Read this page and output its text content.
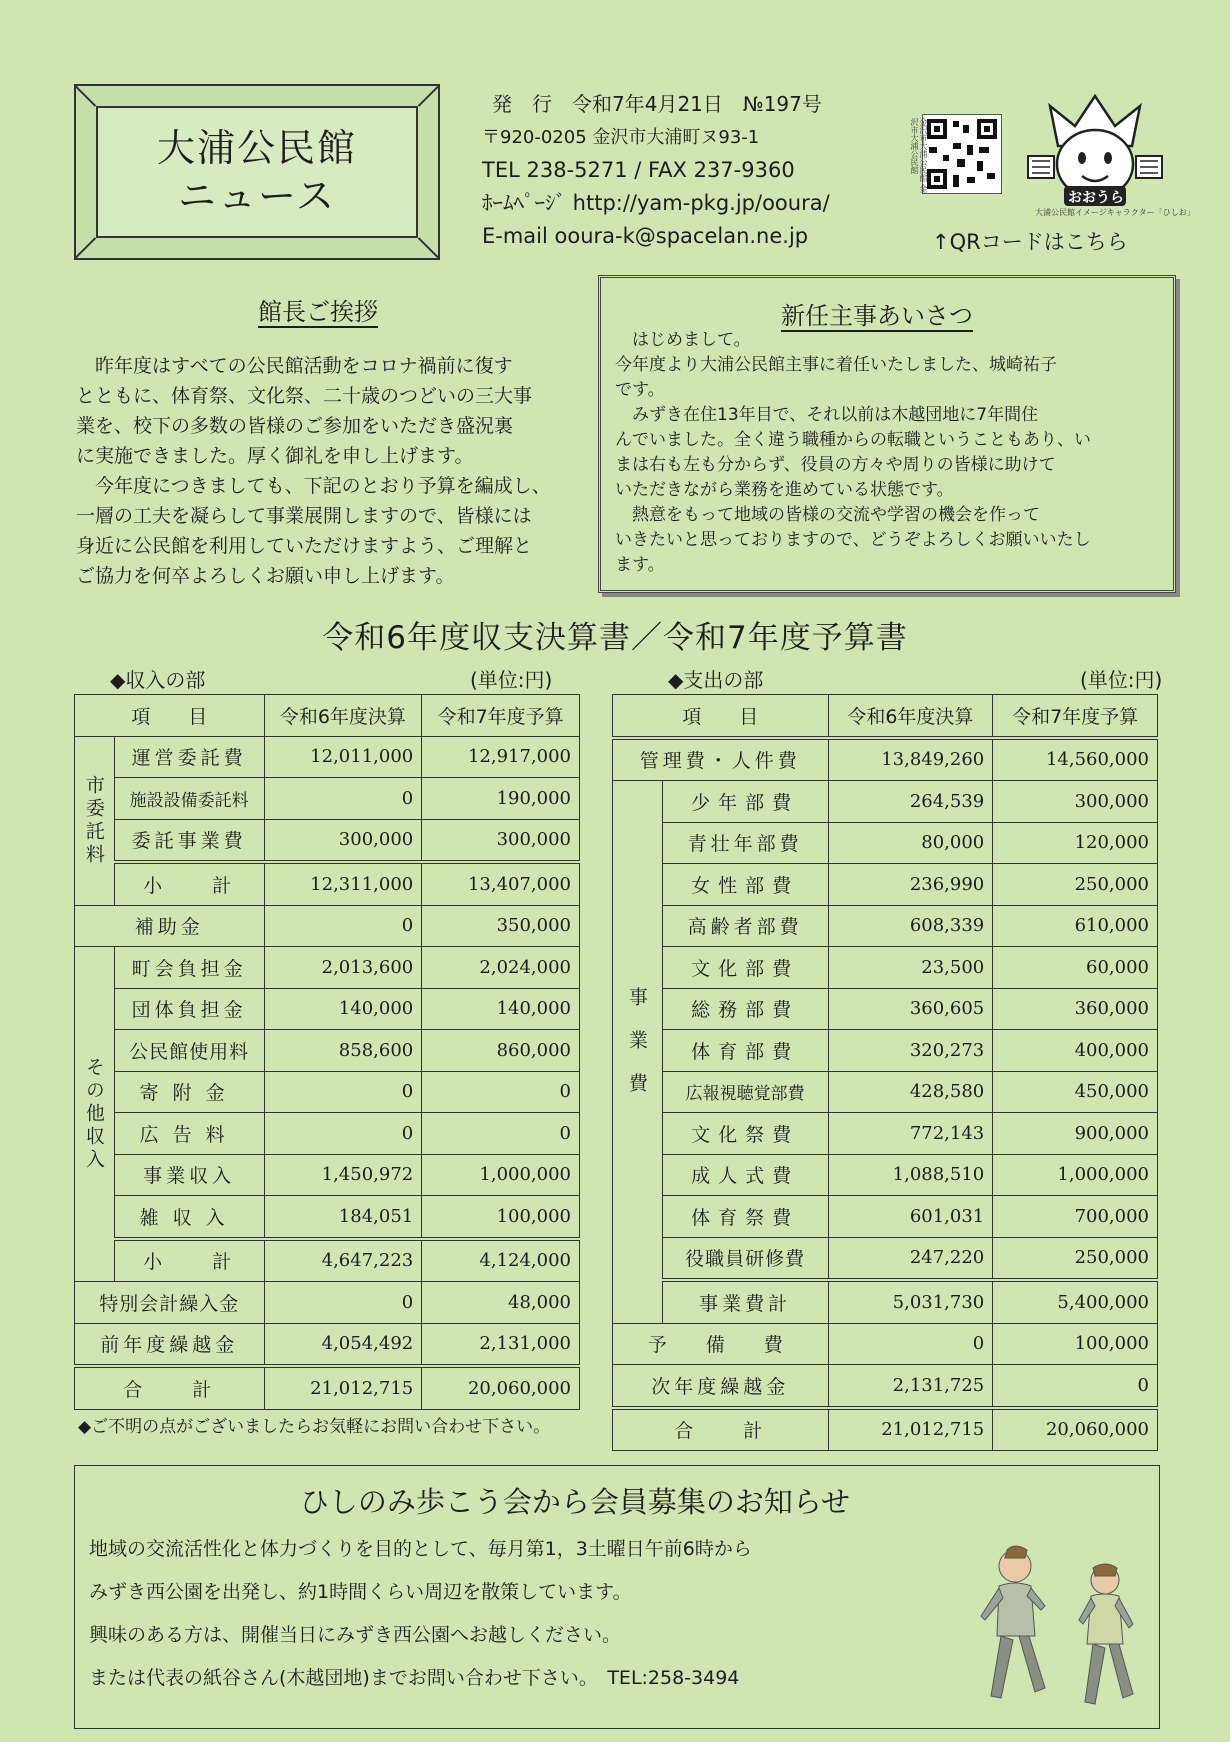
大浦公民館
ニュース
発　行　令和7年4月21日　№197号
〒920-0205 金沢市大浦町ヌ93-1
TEL 238-5271 / FAX 237-9360
ﾎｰﾑﾍﾟｰｼﾞ http://yam-pkg.jp/ooura/
E-mail ooura-k@spacelan.ne.jp
金沢市大浦公民館 金沢市大浦公民館
↑QRコードはこちら
おおうら
大浦公民館イメージキャラクター「ひしお」
館長ご挨拶
　昨年度はすべての公民館活動をコロナ禍前に復す
とともに、体育祭、文化祭、二十歳のつどいの三大事
業を、校下の多数の皆様のご参加をいただき盛況裏
に実施できました。厚く御礼を申し上げます。
　今年度につきましても、下記のとおり予算を編成し、
一層の工夫を凝らして事業展開しますので、皆様には
身近に公民館を利用していただけますよう、ご理解と
ご協力を何卒よろしくお願い申し上げます。
新任主事あいさつ
　はじめまして。
今年度より大浦公民館主事に着任いたしました、城崎祐子
です。
　みずき在住13年目で、それ以前は木越団地に7年間住
んでいました。全く違う職種からの転職ということもあり、い
まは右も左も分からず、役員の方々や周りの皆様に助けて
いただきながら業務を進めている状態です。
　熱意をもって地域の皆様の交流や学習の機会を作って
いきたいと思っておりますので、どうぞよろしくお願いいたし
ます。
令和6年度収支決算書／令和7年度予算書
◆収入の部	(単位:円)	◆支出の部	(単位:円)
項　　目		令和6年度決算	令和7年度予算
市委託料	運営委託費	12,011,000	12,917,000
	施設設備委託料	0	190,000
	委託事業費	300,000	300,000
	小　　計	12,311,000	13,407,000
補助金		0	350,000
その他収入	町会負担金	2,013,600	2,024,000
	団体負担金	140,000	140,000
	公民館使用料	858,600	860,000
	寄附金	0	0
	広告料	0	0
	事業収入	1,450,972	1,000,000
	雑収入	184,051	100,000
	小　　計	4,647,223	4,124,000
特別会計繰入金		0	48,000
前年度繰越金		4,054,492	2,131,000
合　　計		21,012,715	20,060,000
◆ご不明の点がございましたらお気軽にお問い合わせ下さい。
項　　目		令和6年度決算	令和7年度予算
管理費・人件費		13,849,260	14,560,000
事業費	少年部費	264,539	300,000
	青壮年部費	80,000	120,000
	女性部費	236,990	250,000
	高齢者部費	608,339	610,000
	文化部費	23,500	60,000
	総務部費	360,605	360,000
	体育部費	320,273	400,000
	広報視聴覚部費	428,580	450,000
	文化祭費	772,143	900,000
	成人式費	1,088,510	1,000,000
	体育祭費	601,031	700,000
	役職員研修費	247,220	250,000
	事業費計	5,031,730	5,400,000
予　備　費		0	100,000
次年度繰越金		2,131,725	0
合　　計		21,012,715	20,060,000
ひしのみ歩こう会から会員募集のお知らせ
地域の交流活性化と体力づくりを目的として、毎月第1，3土曜日午前6時から
みずき西公園を出発し、約1時間くらい周辺を散策しています。
興味のある方は、開催当日にみずき西公園へお越しください。
または代表の紙谷さん(木越団地)までお問い合わせ下さい。　TEL:258-3494
